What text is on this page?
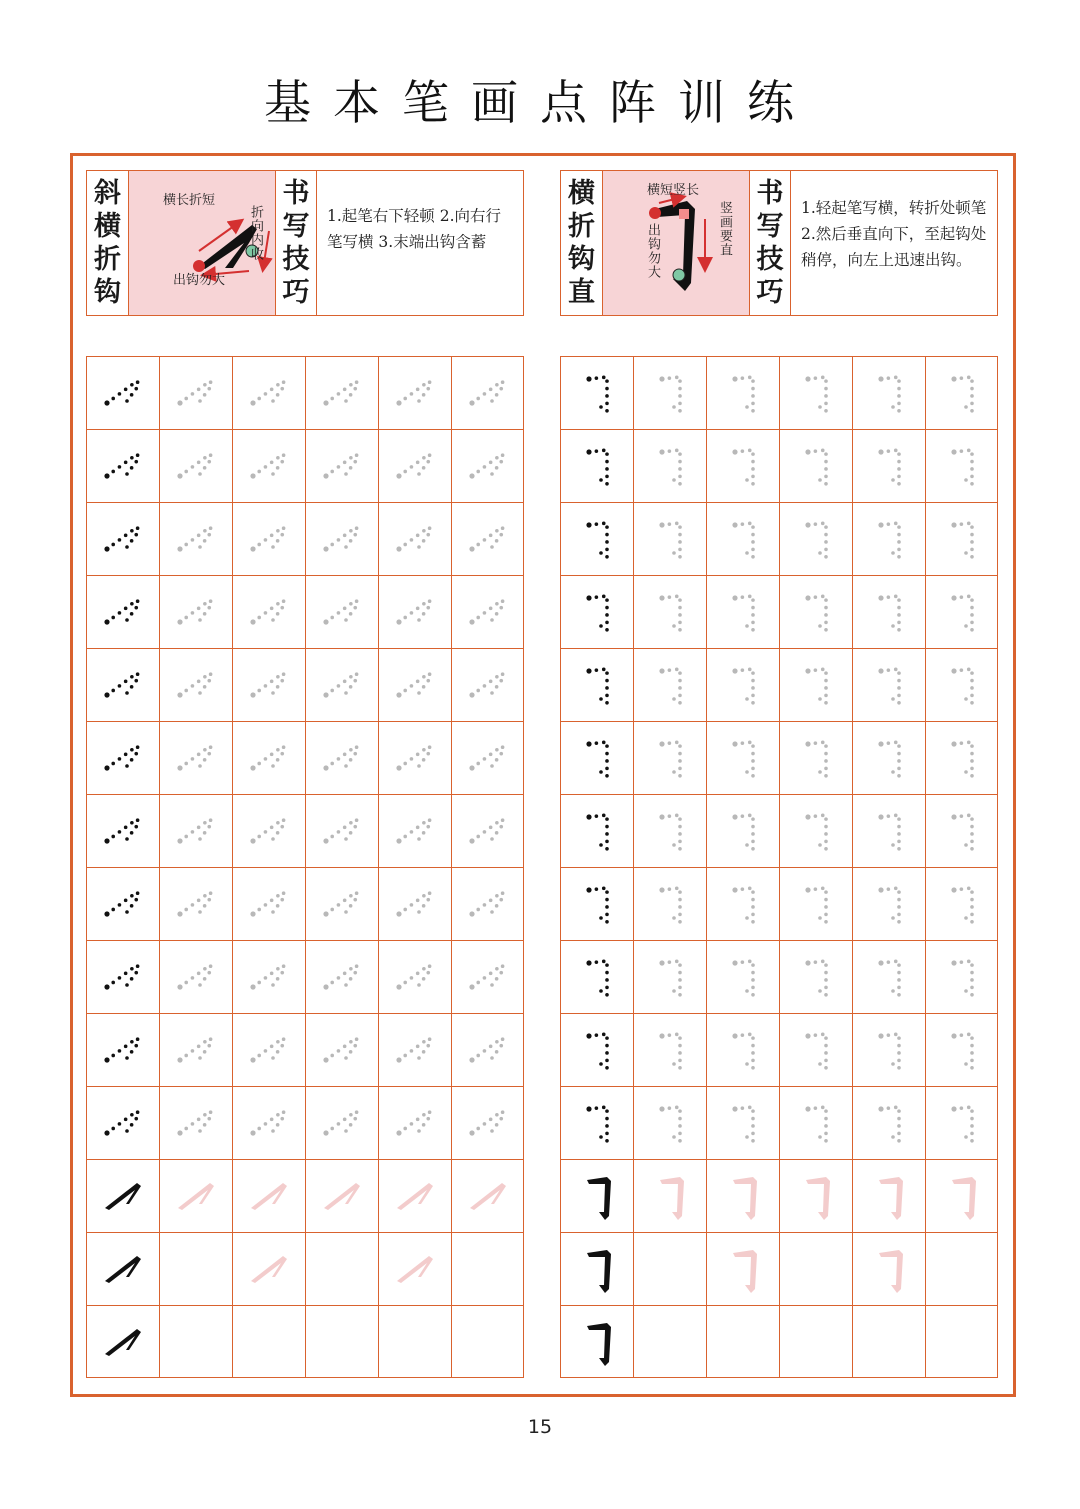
基本笔画点阵训练
斜
横
折
钩
横长折短
折向内收
出钩勿大
书
写
技
巧
1.起笔右下轻顿 2.向右行笔写横 3.末端出钩含蓄
横
折
钩
直
横短竖长
竖画要直
出钩勿大
书
写
技
巧
1.轻起笔写横，转折处顿笔 2.然后垂直向下，至起钩处稍停，向左上迅速出钩。
15
